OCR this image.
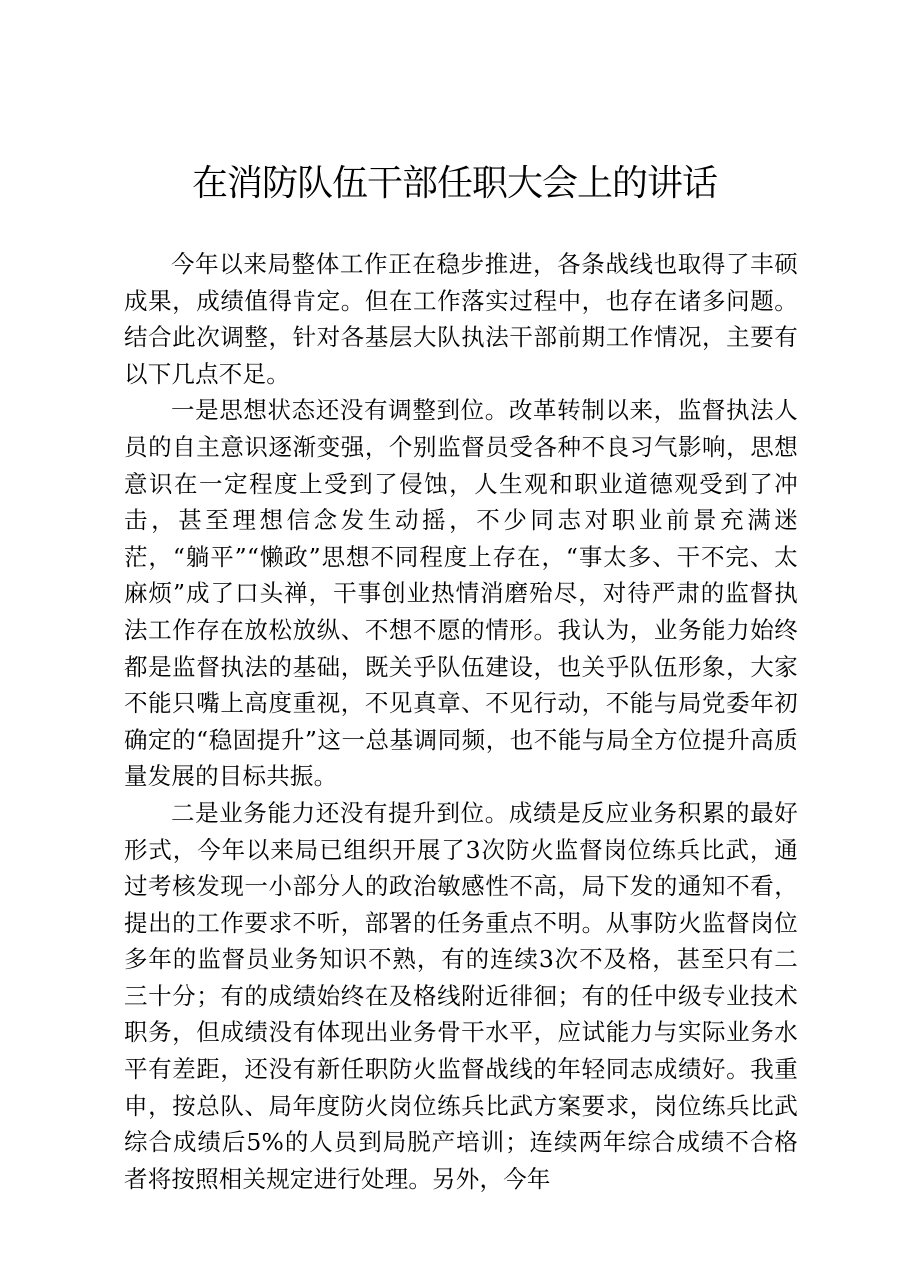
在消防队伍干部任职大会上的讲话

今年以来局整体工作正在稳步推进，各条战线也取得了丰硕成果，成绩值得肯定。但在工作落实过程中，也存在诸多问题。结合此次调整，针对各基层大队执法干部前期工作情况，主要有以下几点不足。

一是思想状态还没有调整到位。改革转制以来，监督执法人员的自主意识逐渐变强，个别监督员受各种不良习气影响，思想意识在一定程度上受到了侵蚀，人生观和职业道德观受到了冲击，甚至理想信念发生动摇，不少同志对职业前景充满迷茫，“躺平”“懒政”思想不同程度上存在，“事太多、干不完、太麻烦”成了口头禅，干事创业热情消磨殆尽，对待严肃的监督执法工作存在放松放纵、不想不愿的情形。我认为，业务能力始终都是监督执法的基础，既关乎队伍建设，也关乎队伍形象，大家不能只嘴上高度重视，不见真章、不见行动，不能与局党委年初确定的“稳固提升”这一总基调同频，也不能与局全方位提升高质量发展的目标共振。

二是业务能力还没有提升到位。成绩是反应业务积累的最好形式，今年以来局已组织开展了3次防火监督岗位练兵比武，通过考核发现一小部分人的政治敏感性不高，局下发的通知不看，提出的工作要求不听，部署的任务重点不明。从事防火监督岗位多年的监督员业务知识不熟，有的连续3次不及格，甚至只有二三十分；有的成绩始终在及格线附近徘徊；有的任中级专业技术职务，但成绩没有体现出业务骨干水平，应试能力与实际业务水平有差距，还没有新任职防火监督战线的年轻同志成绩好。我重申，按总队、局年度防火岗位练兵比武方案要求，岗位练兵比武综合成绩后5%的人员到局脱产培训；连续两年综合成绩不合格者将按照相关规定进行处理。另外，今年
